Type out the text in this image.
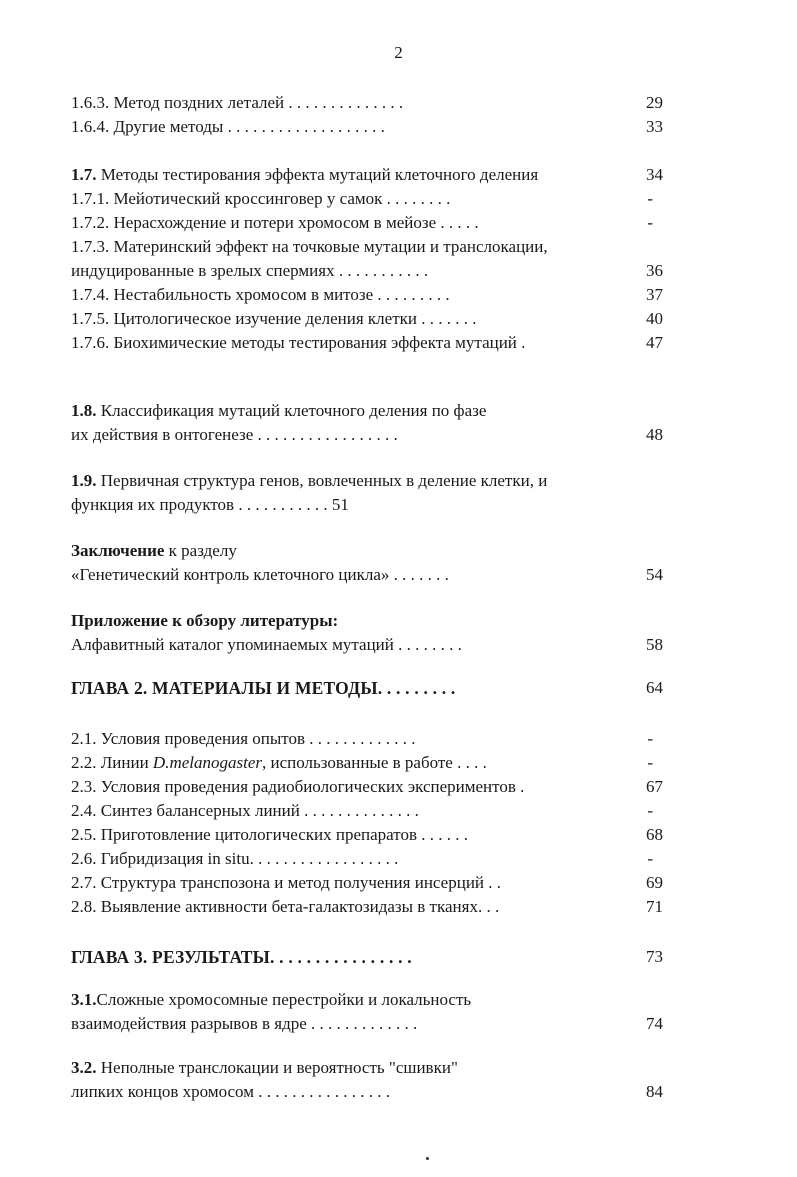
2
1.6.3. Метод поздних леталей . . . . . . . . . . . . . .	29
1.6.4. Другие методы . . . . . . . . . . . . . . . . . . .	33
1.7. Методы тестирования эффекта мутаций клеточного деления	34
1.7.1. Мейотический кроссинговер у самок . . . . . . . .	-
1.7.2. Нерасхождение и потери хромосом в мейозе . . . . .	-
1.7.3. Материнский эффект на точковые мутации и транслокации,
индуцированные в зрелых спермиях . . . . . . . . . . .	36
1.7.4. Нестабильность хромосом в митозе . . . . . . . . .	37
1.7.5. Цитологическое изучение деления клетки . . . . . . .	40
1.7.6. Биохимические методы тестирования эффекта мутаций .	47
1.8. Классификация мутаций клеточного деления по фазе
их действия в онтогенезе . . . . . . . . . . . . . . . . .	48
1.9. Первичная структура генов, вовлеченных в деление клетки, и
функция их продуктов . . . . . . . . . . . 51
Заключение к разделу
«Генетический контроль клеточного цикла» . . . . . . .	54
Приложение к обзору литературы:
Алфавитный каталог упоминаемых мутаций . . . . . . . .	58
ГЛАВА 2. МАТЕРИАЛЫ И МЕТОДЫ. . . . . . . . .	64
2.1. Условия проведения опытов . . . . . . . . . . . . .	-
2.2. Линии D.melanogaster, использованные в работе . . . .	-
2.3. Условия проведения радиобиологических экспериментов .	67
2.4. Синтез балансерных линий . . . . . . . . . . . . . .	-
2.5. Приготовление цитологических препаратов . . . . . .	68
2.6. Гибридизация in situ. . . . . . . . . . . . . . . . . .	-
2.7. Структура транспозона и метод получения инсерций . .	69
2.8. Выявление активности бета-галактозидазы в тканях. . .	71
ГЛАВА 3. РЕЗУЛЬТАТЫ. . . . . . . . . . . . . . . .	73
3.1.Сложные хромосомные перестройки и локальность
взаимодействия разрывов в ядре . . . . . . . . . . . . .	74
3.2. Неполные транслокации и вероятность "сшивки"
липких концов хромосом . . . . . . . . . . . . . . . .	84
